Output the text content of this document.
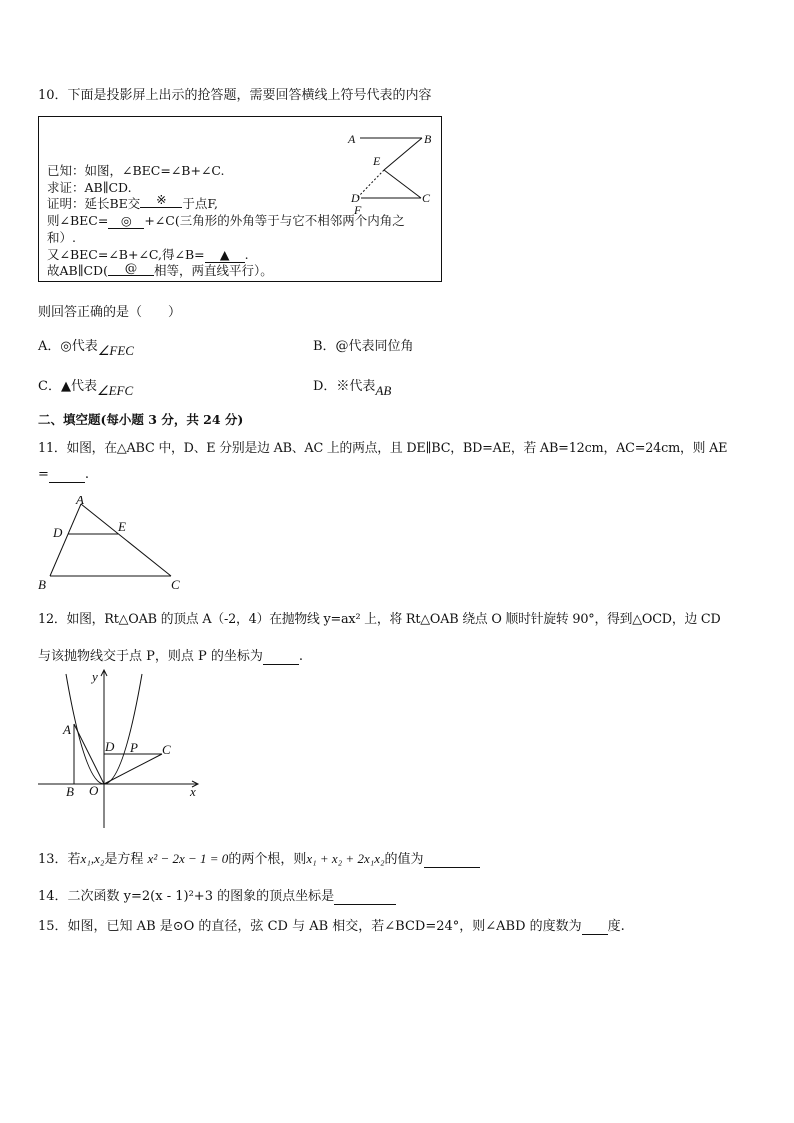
10．下面是投影屏上出示的抢答题，需要回答横线上符号代表的内容
A	B
E
D	C
F
已知：如图，∠BEC=∠B+∠C.
求证：AB∥CD.
证明：延长BE交 ※ 于点F,
则∠BEC= ◎ +∠C(三角形的外角等于与它不相邻两个内角之
和）.
又∠BEC=∠B+∠C,得∠B= ▲ .
故AB∥CD( @ 相等，两直线平行）。
则回答正确的是（　　）
A．◎代表∠FEC	B．@代表同位角
C．▲代表∠EFC	D．※代表AB
二、填空题(每小题 3 分，共 24 分)
11．如图，在△ABC 中，D、E 分别是边 AB、AC 上的两点，且 DE∥BC，BD=AE，若 AB=12cm，AC=24cm，则 AE
=	.
A
D	E
B	C
12．如图，Rt△OAB 的顶点 A（-2，4）在抛物线 y=ax² 上，将 Rt△OAB 绕点 O 顺时针旋转 90°，得到△OCD，边 CD
与该抛物线交于点 P，则点 P 的坐标为	.
y
x
A
B O
D P C
13．若x₁,x₂是方程 x² − 2x − 1 = 0的两个根，则x₁ + x₂ + 2x₁x₂的值为
14．二次函数 y=2(x - 1)²+3 的图象的顶点坐标是
15．如图，已知 AB 是⊙O 的直径，弦 CD 与 AB 相交，若∠BCD=24°，则∠ABD 的度数为 度.
